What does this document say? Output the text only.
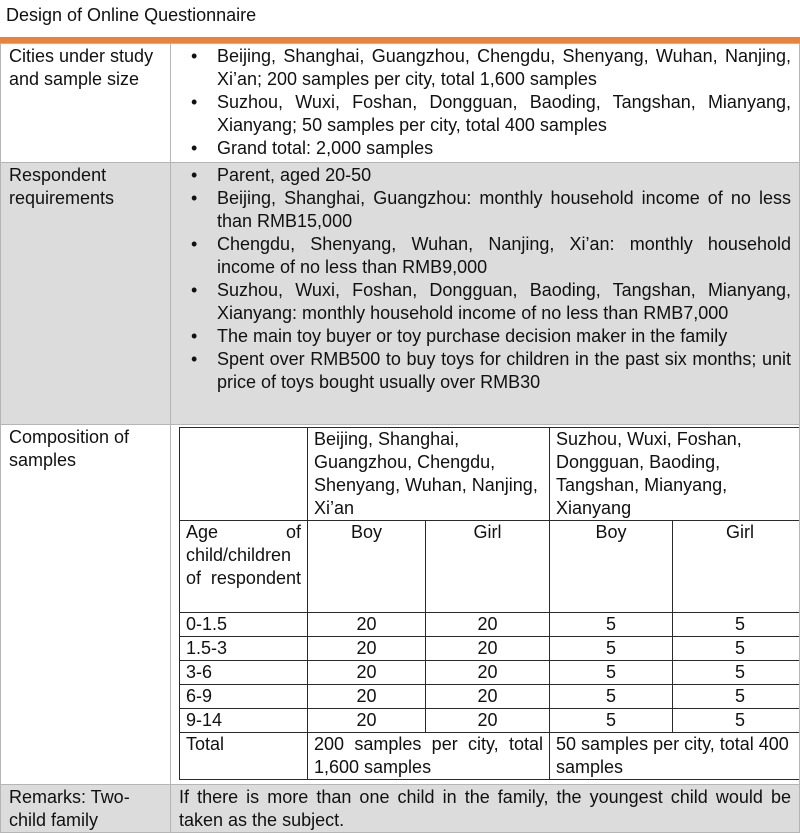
Design of Online Questionnaire
Cities under study and sample size	
• Beijing, Shanghai, Guangzhou, Chengdu, Shenyang, Wuhan, Nanjing, Xi’an; 200 samples per city, total 1,600 samples
• Suzhou, Wuxi, Foshan, Dongguan, Baoding, Tangshan, Mianyang, Xianyang; 50 samples per city, total 400 samples
• Grand total: 2,000 samples

Respondent requirements	
• Parent, aged 20-50
• Beijing, Shanghai, Guangzhou: monthly household income of no less than RMB15,000
• Chengdu, Shenyang, Wuhan, Nanjing, Xi’an: monthly household income of no less than RMB9,000
• Suzhou, Wuxi, Foshan, Dongguan, Baoding, Tangshan, Mianyang, Xianyang: monthly household income of no less than RMB7,000
• The main toy buyer or toy purchase decision maker in the family
• Spent over RMB500 to buy toys for children in the past six months; unit price of toys bought usually over RMB30

Composition of samples	
	Beijing, Shanghai, Guangzhou, Chengdu, Shenyang, Wuhan, Nanjing, Xi’an	Suzhou, Wuxi, Foshan, Dongguan, Baoding, Tangshan, Mianyang, Xianyang
Age of child/children of respondent	Boy	Girl	Boy	Girl
0-1.5	20	20	5	5
1.5-3	20	20	5	5
3-6	20	20	5	5
6-9	20	20	5	5
9-14	20	20	5	5
Total	200 samples per city, total 1,600 samples	50 samples per city, total 400 samples

Remarks: Two-child family	If there is more than one child in the family, the youngest child would be taken as the subject.
